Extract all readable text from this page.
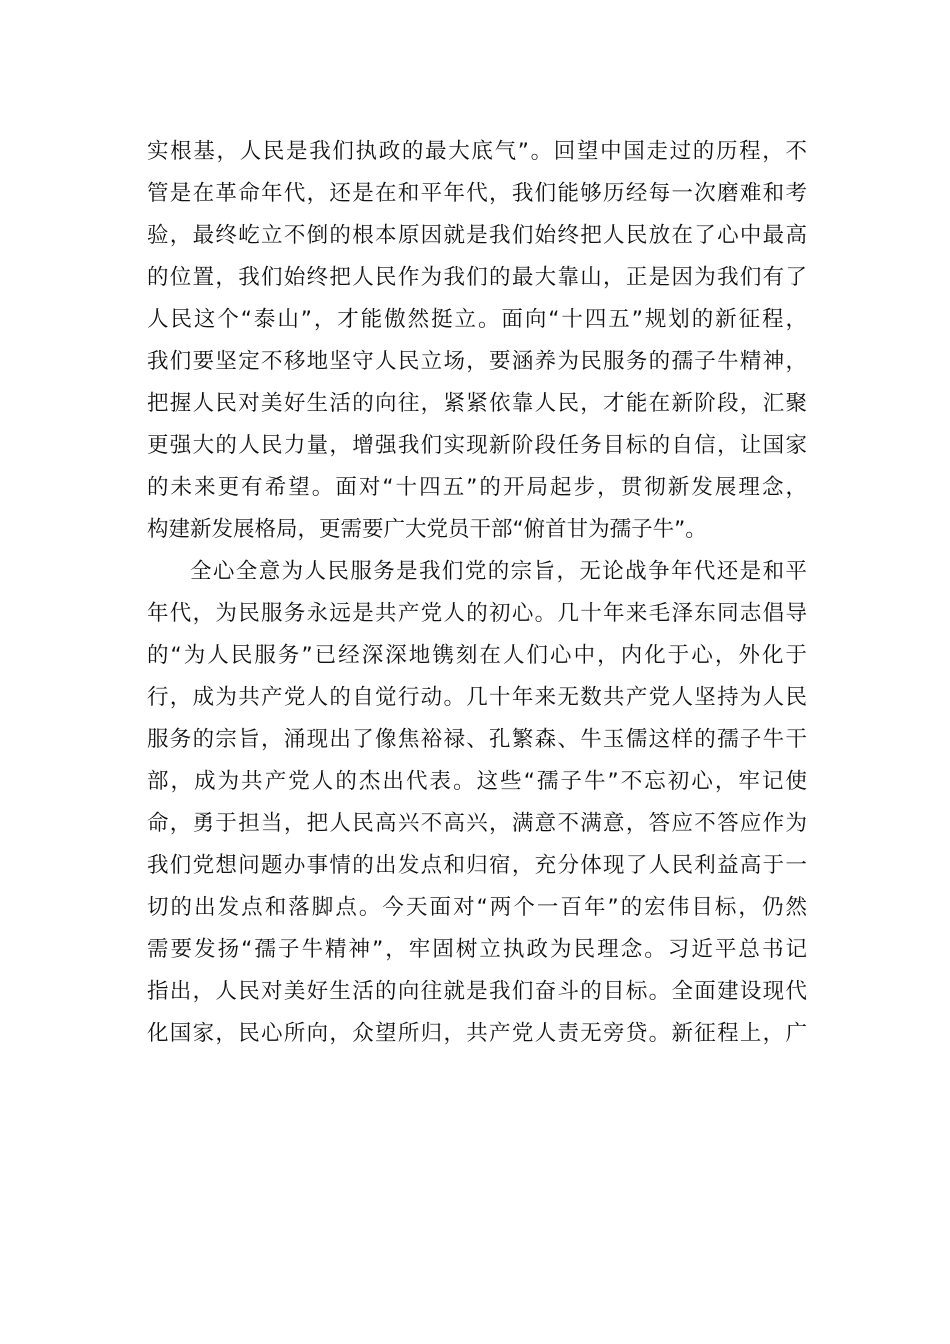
实根基，人民是我们执政的最大底气”。回望中国走过的历程，不
管是在革命年代，还是在和平年代，我们能够历经每一次磨难和考
验，最终屹立不倒的根本原因就是我们始终把人民放在了心中最高
的位置，我们始终把人民作为我们的最大靠山，正是因为我们有了
人民这个“泰山”，才能傲然挺立。面向“十四五”规划的新征程，
我们要坚定不移地坚守人民立场，要涵养为民服务的孺子牛精神，
把握人民对美好生活的向往，紧紧依靠人民，才能在新阶段，汇聚
更强大的人民力量，增强我们实现新阶段任务目标的自信，让国家
的未来更有希望。面对“十四五”的开局起步，贯彻新发展理念，
构建新发展格局，更需要广大党员干部“俯首甘为孺子牛”。
全心全意为人民服务是我们党的宗旨，无论战争年代还是和平
年代，为民服务永远是共产党人的初心。几十年来毛泽东同志倡导
的“为人民服务”已经深深地镌刻在人们心中，内化于心，外化于
行，成为共产党人的自觉行动。几十年来无数共产党人坚持为人民
服务的宗旨，涌现出了像焦裕禄、孔繁森、牛玉儒这样的孺子牛干
部，成为共产党人的杰出代表。这些“孺子牛”不忘初心，牢记使
命，勇于担当，把人民高兴不高兴，满意不满意，答应不答应作为
我们党想问题办事情的出发点和归宿，充分体现了人民利益高于一
切的出发点和落脚点。今天面对“两个一百年”的宏伟目标，仍然
需要发扬“孺子牛精神”，牢固树立执政为民理念。习近平总书记
指出，人民对美好生活的向往就是我们奋斗的目标。全面建设现代
化国家，民心所向，众望所归，共产党人责无旁贷。新征程上，广
